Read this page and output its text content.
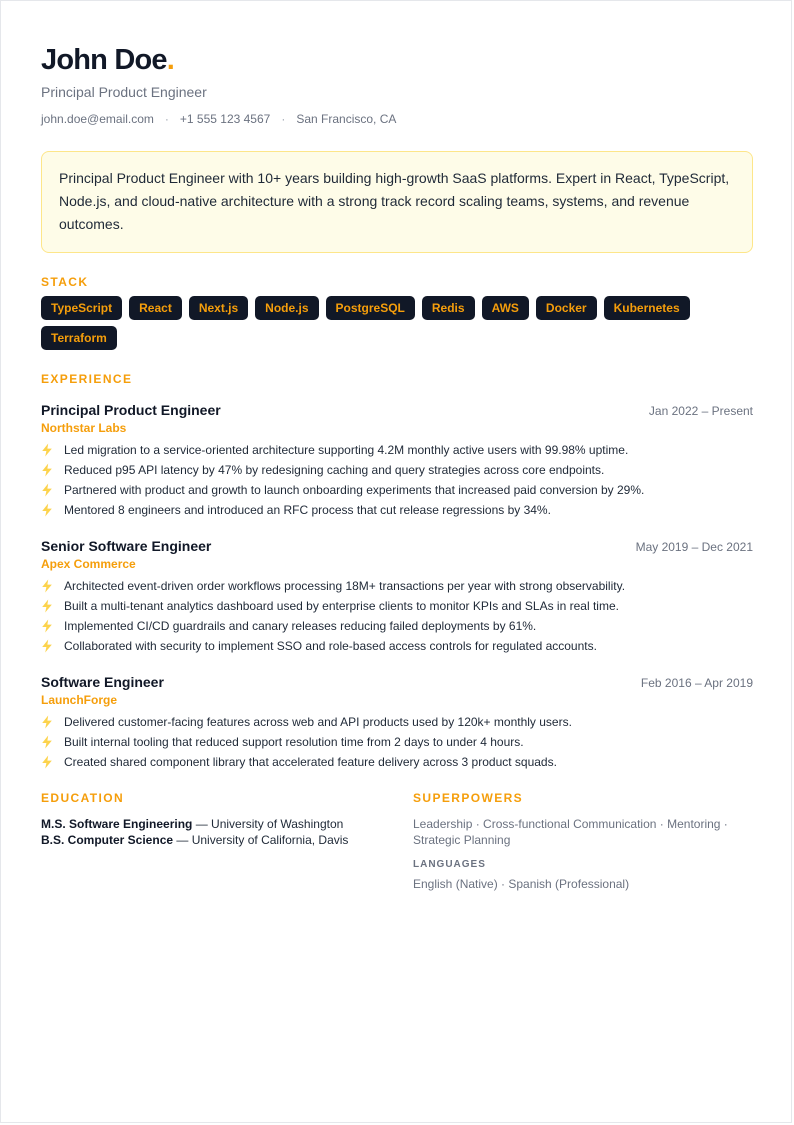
John Doe.
Principal Product Engineer
john.doe@email.com · +1 555 123 4567 · San Francisco, CA
Principal Product Engineer with 10+ years building high-growth SaaS platforms. Expert in React, TypeScript, Node.js, and cloud-native architecture with a strong track record scaling teams, systems, and revenue outcomes.
STACK
TypeScript	React	Next.js	Node.js	PostgreSQL	Redis	AWS	Docker	Kubernetes
Terraform
EXPERIENCE
Principal Product Engineer	Jan 2022 – Present
Northstar Labs
Led migration to a service-oriented architecture supporting 4.2M monthly active users with 99.98% uptime.
Reduced p95 API latency by 47% by redesigning caching and query strategies across core endpoints.
Partnered with product and growth to launch onboarding experiments that increased paid conversion by 29%.
Mentored 8 engineers and introduced an RFC process that cut release regressions by 34%.
Senior Software Engineer	May 2019 – Dec 2021
Apex Commerce
Architected event-driven order workflows processing 18M+ transactions per year with strong observability.
Built a multi-tenant analytics dashboard used by enterprise clients to monitor KPIs and SLAs in real time.
Implemented CI/CD guardrails and canary releases reducing failed deployments by 61%.
Collaborated with security to implement SSO and role-based access controls for regulated accounts.
Software Engineer	Feb 2016 – Apr 2019
LaunchForge
Delivered customer-facing features across web and API products used by 120k+ monthly users.
Built internal tooling that reduced support resolution time from 2 days to under 4 hours.
Created shared component library that accelerated feature delivery across 3 product squads.
EDUCATION
M.S. Software Engineering — University of Washington
B.S. Computer Science — University of California, Davis
SUPERPOWERS
Leadership · Cross-functional Communication · Mentoring · Strategic Planning
LANGUAGES
English (Native) · Spanish (Professional)
